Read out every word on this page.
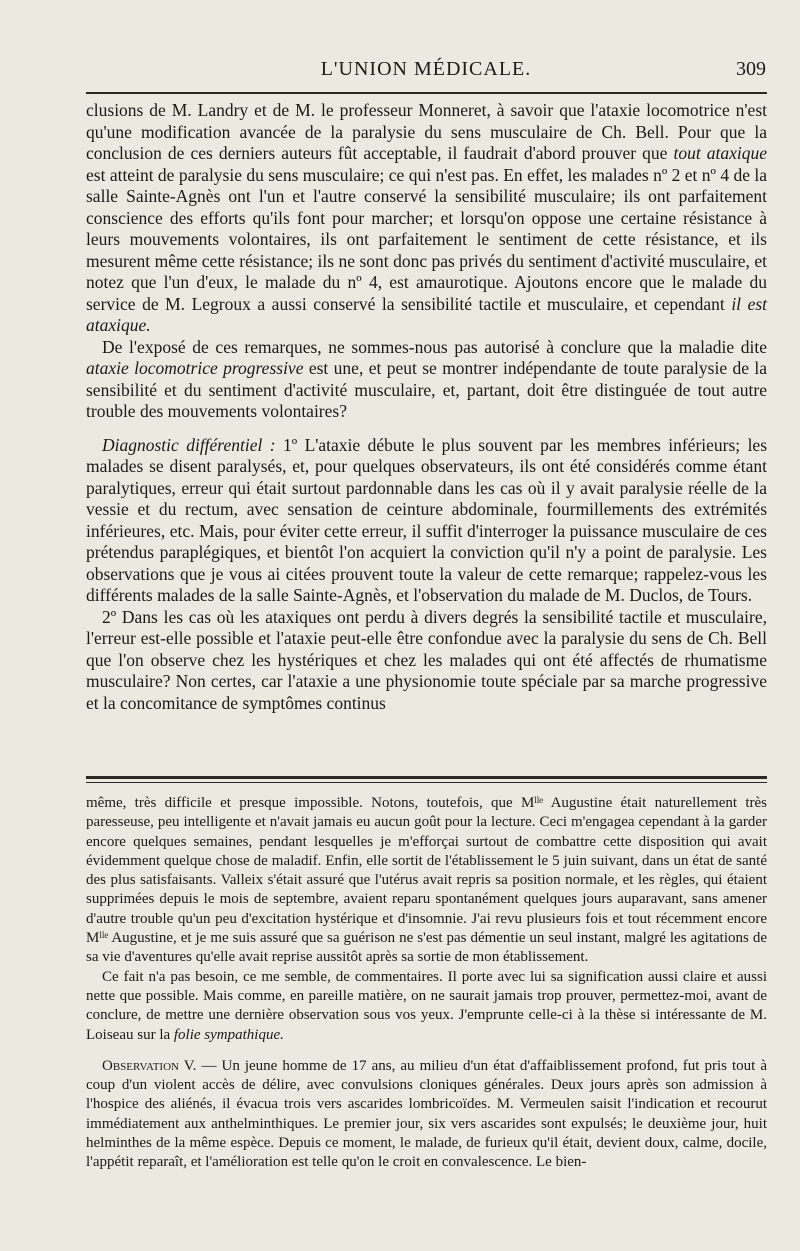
L'UNION MÉDICALE.	309

clusions de M. Landry et de M. le professeur Monneret, à savoir que l'ataxie locomotrice n'est qu'une modification avancée de la paralysie du sens musculaire de Ch. Bell. Pour que la conclusion de ces derniers auteurs fût acceptable, il faudrait d'abord prouver que tout ataxique est atteint de paralysie du sens musculaire; ce qui n'est pas. En effet, les malades nº 2 et nº 4 de la salle Sainte-Agnès ont l'un et l'autre conservé la sensibilité musculaire; ils ont parfaitement conscience des efforts qu'ils font pour marcher; et lorsqu'on oppose une certaine résistance à leurs mouvements volontaires, ils ont parfaitement le sentiment de cette résistance, et ils mesurent même cette résistance; ils ne sont donc pas privés du sentiment d'activité musculaire, et notez que l'un d'eux, le malade du nº 4, est amaurotique. Ajoutons encore que le malade du service de M. Legroux a aussi conservé la sensibilité tactile et musculaire, et cependant il est ataxique.

De l'exposé de ces remarques, ne sommes-nous pas autorisé à conclure que la maladie dite ataxie locomotrice progressive est une, et peut se montrer indépendante de toute paralysie de la sensibilité et du sentiment d'activité musculaire, et, partant, doit être distinguée de tout autre trouble des mouvements volontaires?

Diagnostic différentiel : 1º L'ataxie débute le plus souvent par les membres inférieurs; les malades se disent paralysés, et, pour quelques observateurs, ils ont été considérés comme étant paralytiques, erreur qui était surtout pardonnable dans les cas où il y avait paralysie réelle de la vessie et du rectum, avec sensation de ceinture abdominale, fourmillements des extrémités inférieures, etc. Mais, pour éviter cette erreur, il suffit d'interroger la puissance musculaire de ces prétendus paraplégiques, et bientôt l'on acquiert la conviction qu'il n'y a point de paralysie. Les observations que je vous ai citées prouvent toute la valeur de cette remarque; rappelez-vous les différents malades de la salle Sainte-Agnès, et l'observation du malade de M. Duclos, de Tours.

2º Dans les cas où les ataxiques ont perdu à divers degrés la sensibilité tactile et musculaire, l'erreur est-elle possible et l'ataxie peut-elle être confondue avec la paralysie du sens de Ch. Bell que l'on observe chez les hystériques et chez les malades qui ont été affectés de rhumatisme musculaire? Non certes, car l'ataxie a une physionomie toute spéciale par sa marche progressive et la concomitance de symptômes continus

même, très difficile et presque impossible. Notons, toutefois, que Mˡˡᵉ Augustine était naturellement très paresseuse, peu intelligente et n'avait jamais eu aucun goût pour la lecture. Ceci m'engagea cependant à la garder encore quelques semaines, pendant lesquelles je m'efforçai surtout de combattre cette disposition qui avait évidemment quelque chose de maladif. Enfin, elle sortit de l'établissement le 5 juin suivant, dans un état de santé des plus satisfaisants. Valleix s'était assuré que l'utérus avait repris sa position normale, et les règles, qui étaient supprimées depuis le mois de septembre, avaient reparu spontanément quelques jours auparavant, sans amener d'autre trouble qu'un peu d'excitation hystérique et d'insomnie. J'ai revu plusieurs fois et tout récemment encore Mˡˡᵉ Augustine, et je me suis assuré que sa guérison ne s'est pas démentie un seul instant, malgré les agitations de sa vie d'aventures qu'elle avait reprise aussitôt après sa sortie de mon établissement.

Ce fait n'a pas besoin, ce me semble, de commentaires. Il porte avec lui sa signification aussi claire et aussi nette que possible. Mais comme, en pareille matière, on ne saurait jamais trop prouver, permettez-moi, avant de conclure, de mettre une dernière observation sous vos yeux. J'emprunte celle-ci à la thèse si intéressante de M. Loiseau sur la folie sympathique.

Observation V. — Un jeune homme de 17 ans, au milieu d'un état d'affaiblissement profond, fut pris tout à coup d'un violent accès de délire, avec convulsions cloniques générales. Deux jours après son admission à l'hospice des aliénés, il évacua trois vers ascarides lombricoïdes. M. Vermeulen saisit l'indication et recourut immédiatement aux anthelminthiques. Le premier jour, six vers ascarides sont expulsés; le deuxième jour, huit helminthes de la même espèce. Depuis ce moment, le malade, de furieux qu'il était, devient doux, calme, docile, l'appétit reparaît, et l'amélioration est telle qu'on le croit en convalescence. Le bien-
